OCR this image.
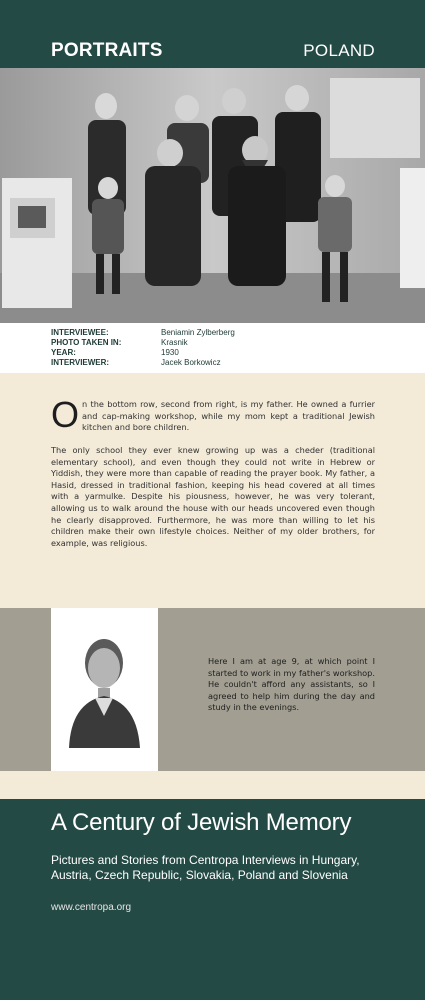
PORTRAITS	POLAND
INTERVIEWEE:	Beniamin Zylberberg
PHOTO TAKEN IN:	Krasnik
YEAR:	1930
INTERVIEWER:	Jacek Borkowicz

On the bottom row, second from right, is my father. He owned a furrier and cap-making workshop, while my mom kept a traditional Jewish kitchen and bore children.

The only school they ever knew growing up was a cheder (traditional elementary school), and even though they could not write in Hebrew or Yiddish, they were more than capable of reading the prayer book. My father, a Hasid, dressed in traditional fashion, keeping his head covered at all times with a yarmulke. Despite his piousness, however, he was very tolerant, allowing us to walk around the house with our heads uncovered even though he clearly disapproved. Furthermore, he was more than willing to let his children make their own lifestyle choices. Neither of my older brothers, for example, was religious.

Here I am at age 9, at which point I started to work in my father's workshop. He couldn't afford any assistants, so I agreed to help him during the day and study in the evenings.

A Century of Jewish Memory
Pictures and Stories from Centropa Interviews in Hungary, Austria, Czech Republic, Slovakia, Poland and Slovenia
www.centropa.org
